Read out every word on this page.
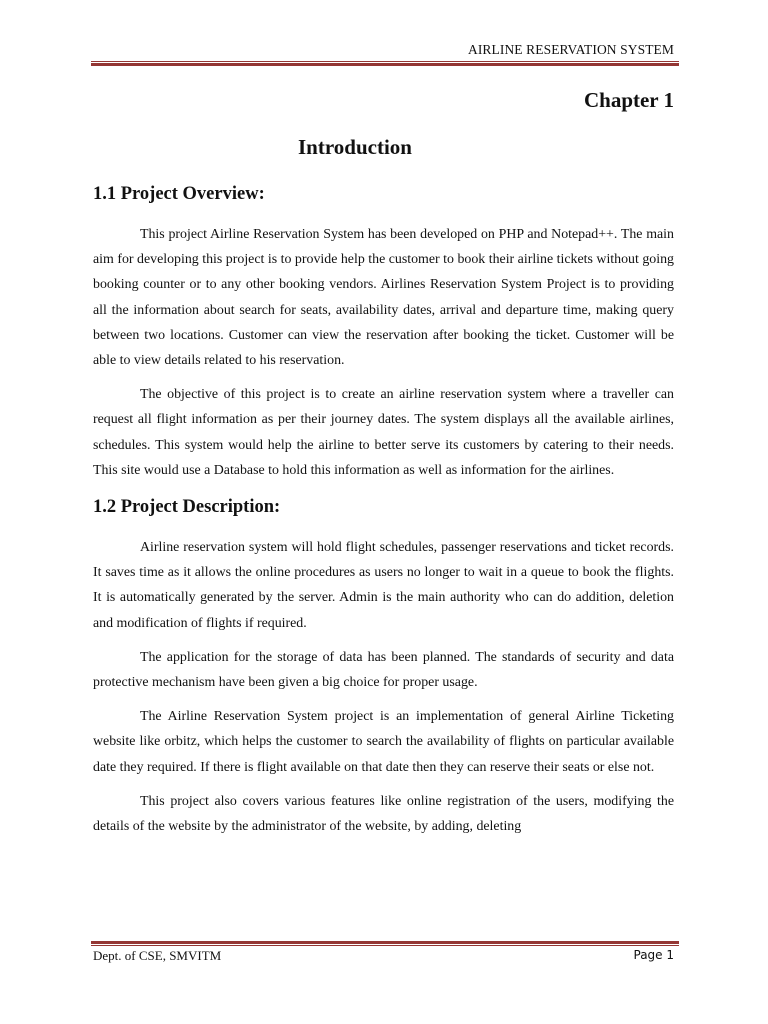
AIRLINE RESERVATION SYSTEM
Chapter 1
Introduction
1.1 Project Overview:

This project Airline Reservation System has been developed on PHP and Notepad++. The main aim for developing this project is to provide help the customer to book their airline tickets without going booking counter or to any other booking vendors. Airlines Reservation System Project is to providing all the information about search for seats, availability dates, arrival and departure time, making query between two locations. Customer can view the reservation after booking the ticket. Customer will be able to view details related to his reservation.

The objective of this project is to create an airline reservation system where a traveller can request all flight information as per their journey dates. The system displays all the available airlines, schedules. This system would help the airline to better serve its customers by catering to their needs. This site would use a Database to hold this information as well as information for the airlines.

1.2 Project Description:

Airline reservation system will hold flight schedules, passenger reservations and ticket records. It saves time as it allows the online procedures as users no longer to wait in a queue to book the flights. It is automatically generated by the server. Admin is the main authority who can do addition, deletion and modification of flights if required.

The application for the storage of data has been planned. The standards of security and data protective mechanism have been given a big choice for proper usage.

The Airline Reservation System project is an implementation of general Airline Ticketing website like orbitz, which helps the customer to search the availability of flights on particular available date they required. If there is flight available on that date then they can reserve their seats or else not.

This project also covers various features like online registration of the users, modifying the details of the website by the administrator of the website, by adding, deleting

Dept. of CSE, SMVITM	Page 1
